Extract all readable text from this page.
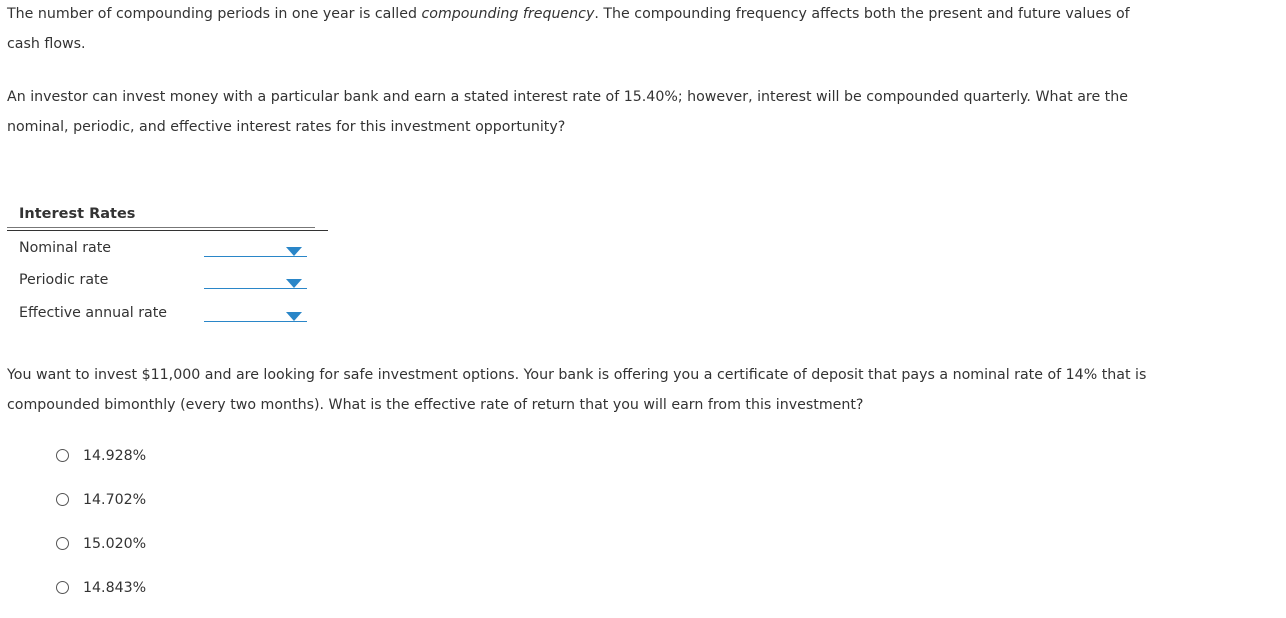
The number of compounding periods in one year is called compounding frequency. The compounding frequency affects both the present and future values of cash flows.

An investor can invest money with a particular bank and earn a stated interest rate of 15.40%; however, interest will be compounded quarterly. What are the nominal, periodic, and effective interest rates for this investment opportunity?

Interest Rates
Nominal rate
Periodic rate
Effective annual rate

You want to invest $11,000 and are looking for safe investment options. Your bank is offering you a certificate of deposit that pays a nominal rate of 14% that is compounded bimonthly (every two months). What is the effective rate of return that you will earn from this investment?

14.928%
14.702%
15.020%
14.843%
